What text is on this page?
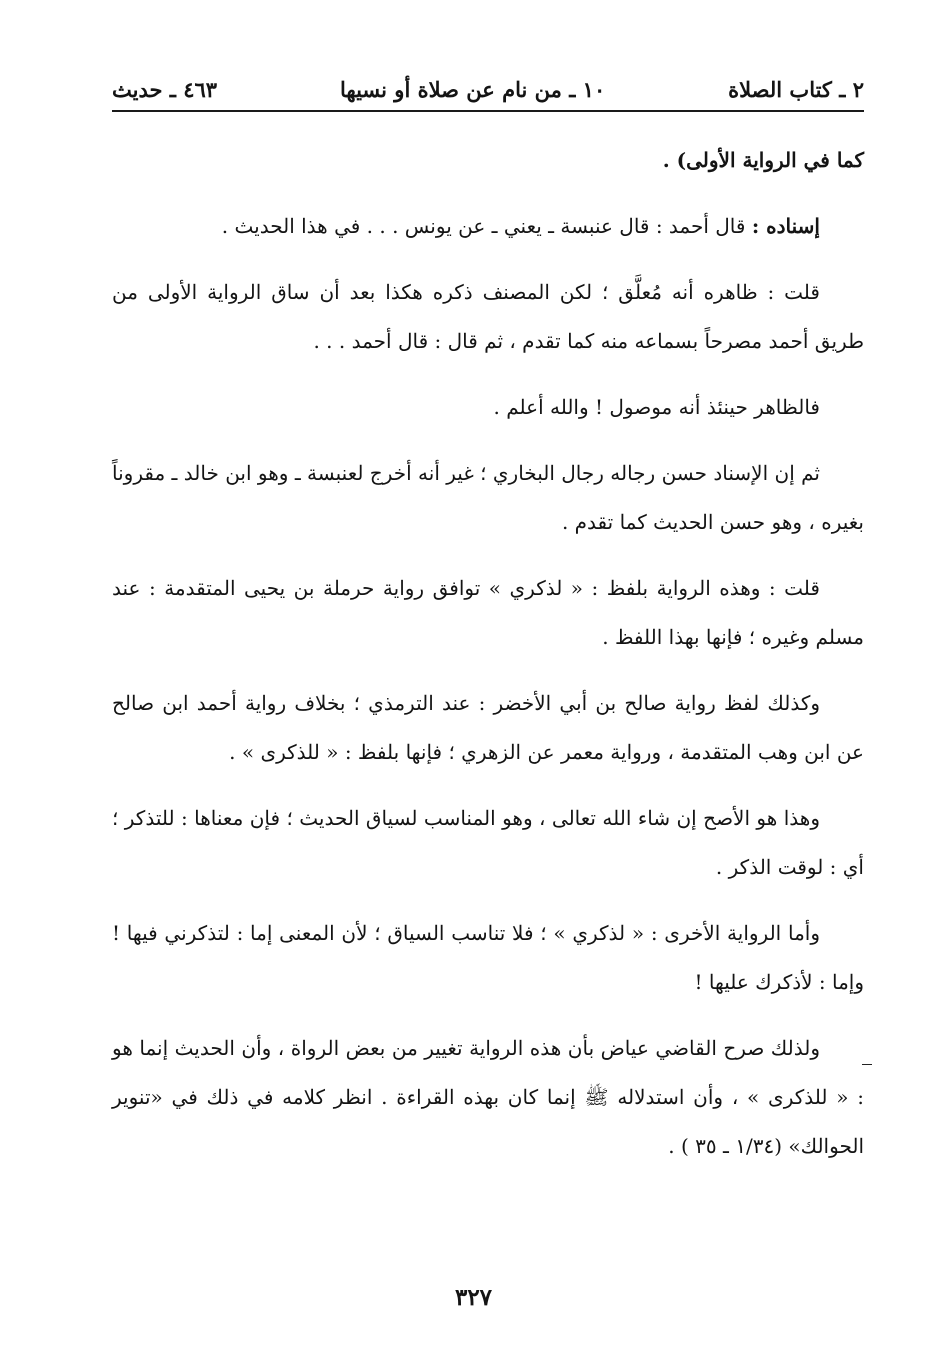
٢ ـ كتاب الصلاة
١٠ ـ من نام عن صلاة أو نسيها
٤٦٣ ـ حديث

كما في الرواية الأولى) .

إسناده : قال أحمد : قال عنبسة ـ يعني ـ عن يونس . . . في هذا الحديث .

قلت : ظاهره أنه مُعلَّق ؛ لكن المصنف ذكره هكذا بعد أن ساق الرواية الأولى من طريق أحمد مصرحاً بسماعه منه كما تقدم ، ثم قال : قال أحمد . . .

فالظاهر حينئذ أنه موصول ! والله أعلم .

ثم إن الإسناد حسن رجاله رجال البخاري ؛ غير أنه أخرج لعنبسة ـ وهو ابن خالد ـ مقروناً بغيره ، وهو حسن الحديث كما تقدم .

قلت : وهذه الرواية بلفظ : « لذكري » توافق رواية حرملة بن يحيى المتقدمة : عند مسلم وغيره ؛ فإنها بهذا اللفظ .

وكذلك لفظ رواية صالح بن أبي الأخضر : عند الترمذي ؛ بخلاف رواية أحمد ابن صالح عن ابن وهب المتقدمة ، ورواية معمر عن الزهري ؛ فإنها بلفظ : « للذكرى » .

وهذا هو الأصح إن شاء الله تعالى ، وهو المناسب لسياق الحديث ؛ فإن معناها : للتذكر ؛ أي : لوقت الذكر .

وأما الرواية الأخرى : « لذكري » ؛ فلا تناسب السياق ؛ لأن المعنى إما : لتذكرني فيها ! وإما : لأذكرك عليها !

ولذلك صرح القاضي عياض بأن هذه الرواية تغيير من بعض الرواة ، وأن الحديث إنما هو : « للذكرى » ، وأن استدلاله ﷺ إنما كان بهذه القراءة . انظر كلامه في ذلك في «تنوير الحوالك» (١/٣٤ ـ ٣٥ ) .

٣٢٧
